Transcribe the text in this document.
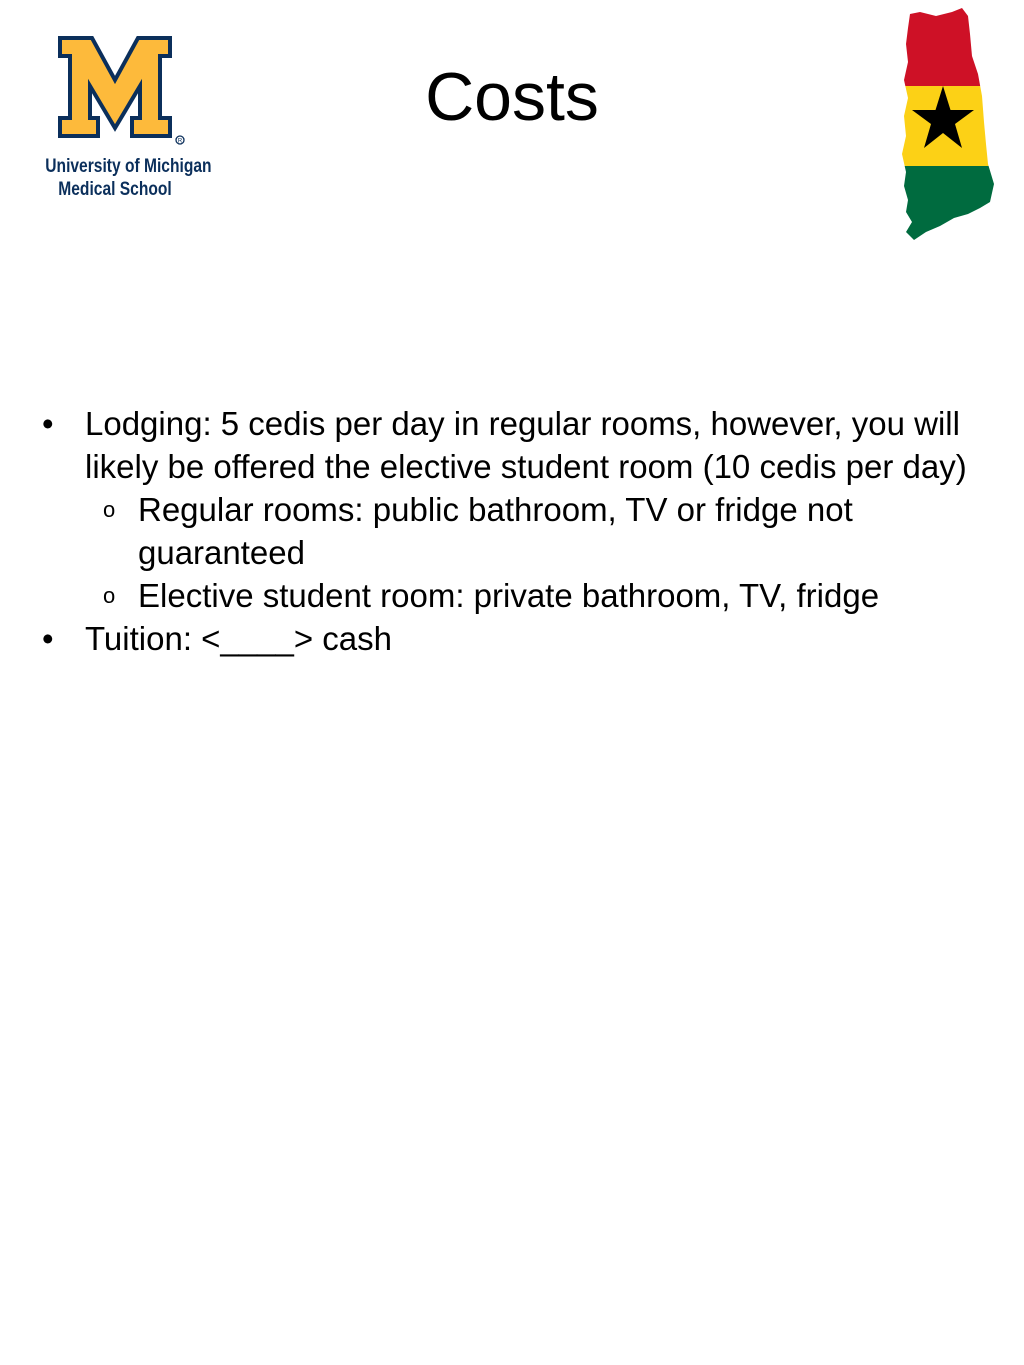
R
University of Michigan
Medical School
Costs
• Lodging: 5 cedis per day in regular rooms, however, you will likely be offered the elective student room (10 cedis per day)
o Regular rooms: public bathroom, TV or fridge not guaranteed
o Elective student room: private bathroom, TV, fridge
• Tuition: <____> cash
